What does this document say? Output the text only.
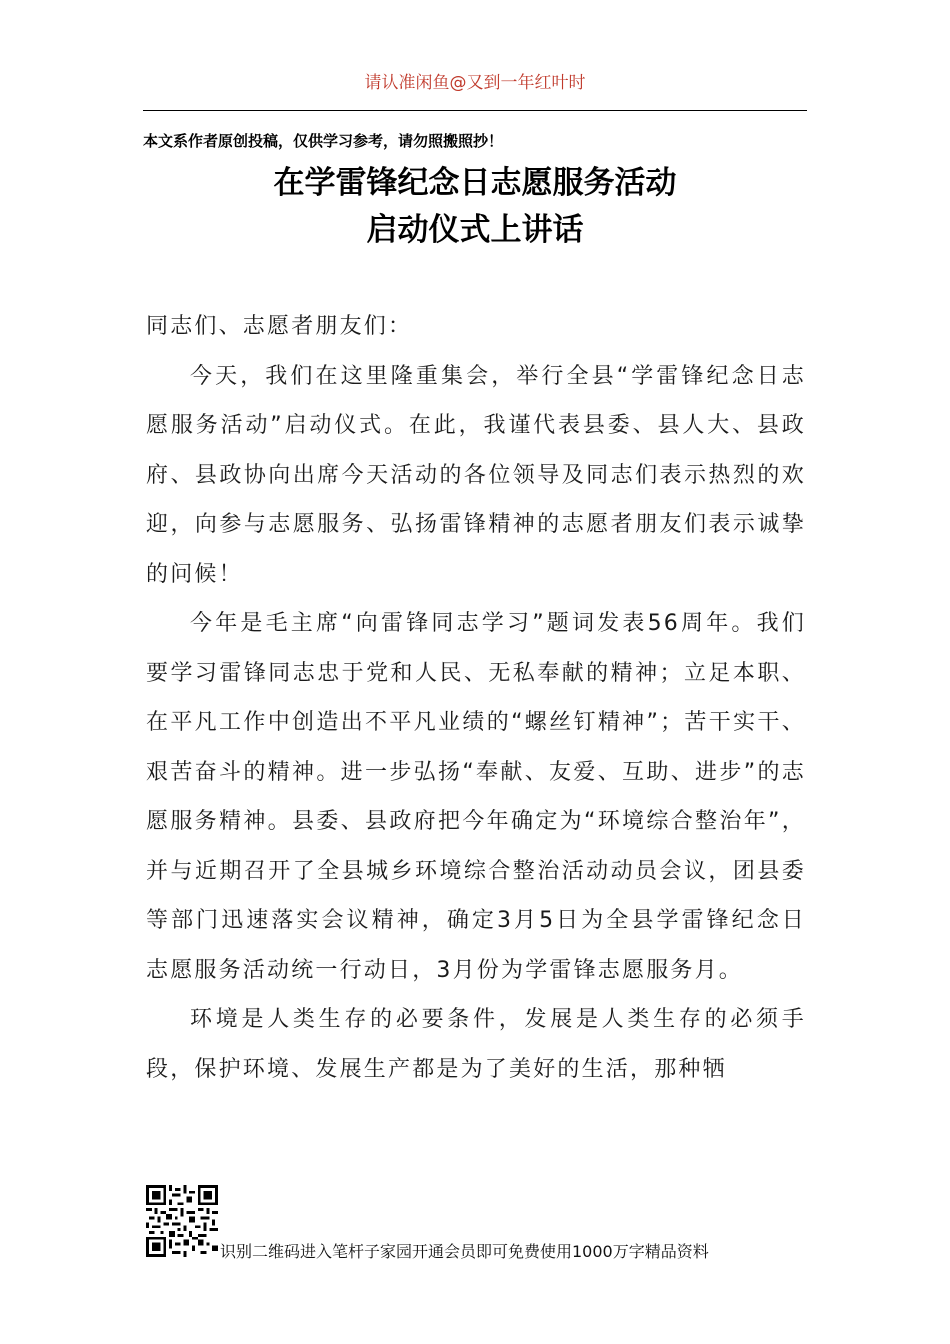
请认准闲鱼@又到一年红叶时
本文系作者原创投稿，仅供学习参考，请勿照搬照抄！
在学雷锋纪念日志愿服务活动
启动仪式上讲话

同志们、志愿者朋友们：

今天，我们在这里隆重集会，举行全县“学雷锋纪念日志愿服务活动”启动仪式。在此，我谨代表县委、县人大、县政府、县政协向出席今天活动的各位领导及同志们表示热烈的欢迎，向参与志愿服务、弘扬雷锋精神的志愿者朋友们表示诚挚的问候！

今年是毛主席“向雷锋同志学习”题词发表56周年。我们要学习雷锋同志忠于党和人民、无私奉献的精神；立足本职、在平凡工作中创造出不平凡业绩的“螺丝钉精神”；苦干实干、艰苦奋斗的精神。进一步弘扬“奉献、友爱、互助、进步”的志愿服务精神。县委、县政府把今年确定为“环境综合整治年”，并与近期召开了全县城乡环境综合整治活动动员会议，团县委等部门迅速落实会议精神，确定3月5日为全县学雷锋纪念日志愿服务活动统一行动日，3月份为学雷锋志愿服务月。

环境是人类生存的必要条件，发展是人类生存的必须手段，保护环境、发展生产都是为了美好的生活，那种牺

识别二维码进入笔杆子家园开通会员即可免费使用1000万字精品资料
